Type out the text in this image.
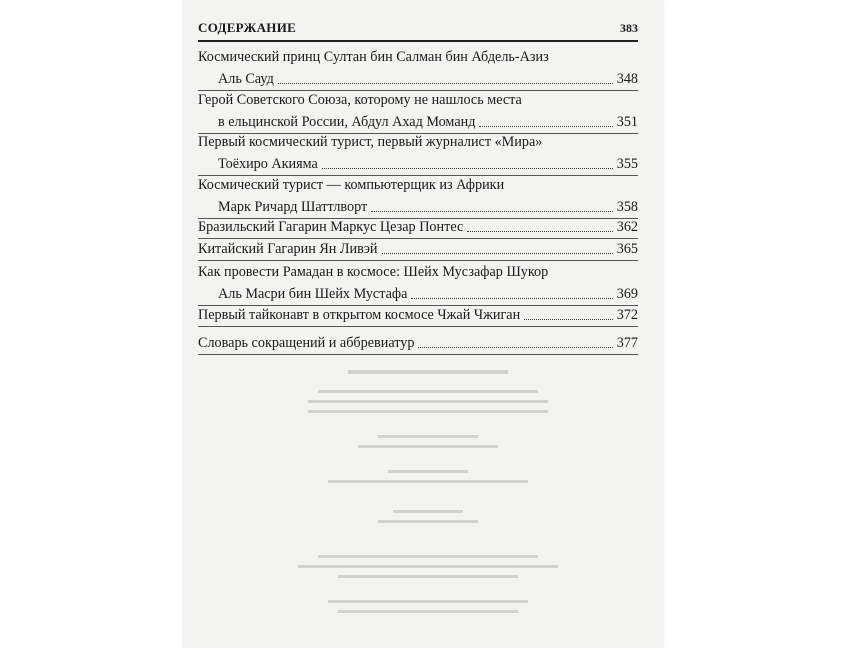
СОДЕРЖАНИЕ	383
Космический принц Султан бин Салман бин Абдель-Азиз
Аль Сауд	348
Герой Советского Союза, которому не нашлось места
в ельцинской России, Абдул Ахад Моманд	351
Первый космический турист, первый журналист «Мира»
Тоёхиро Акияма	355
Космический турист — компьютерщик из Африки
Марк Ричард Шаттлворт	358
Бразильский Гагарин Маркус Цезар Понтес	362
Китайский Гагарин Ян Ливэй	365
Как провести Рамадан в космосе: Шейх Мусзафар Шукор
Аль Масри бин Шейх Мустафа	369
Первый тайконавт в открытом космосе Чжай Чжиган	372
Словарь сокращений и аббревиатур	377
